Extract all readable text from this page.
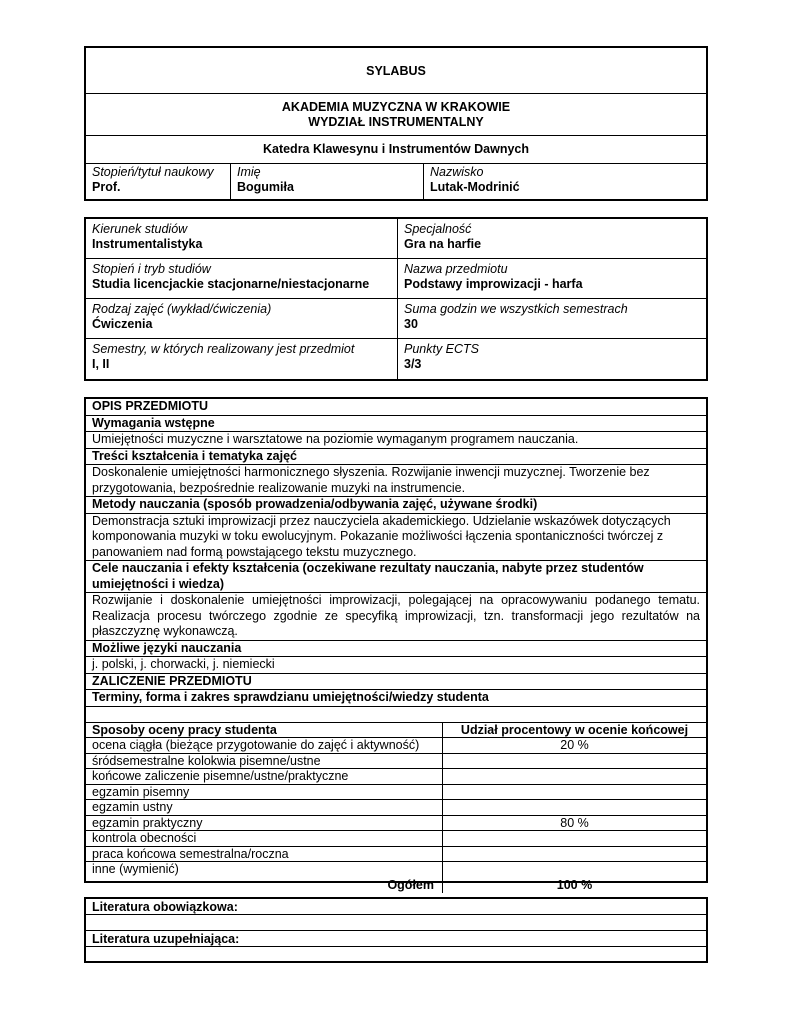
SYLABUS
AKADEMIA MUZYCZNA W KRAKOWIE
WYDZIAŁ INSTRUMENTALNY
Katedra Klawesynu i Instrumentów Dawnych
Stopień/tytuł naukowy
Prof.
Imię
Bogumiła
Nazwisko
Lutak-Modrinić
Kierunek studiów
Instrumentalistyka
Specjalność
Gra na harfie
Stopień i tryb studiów
Studia licencjackie stacjonarne/niestacjonarne
Nazwa przedmiotu
Podstawy improwizacji - harfa
Rodzaj zajęć (wykład/ćwiczenia)
Ćwiczenia
Suma godzin we wszystkich semestrach
30
Semestry, w których realizowany jest przedmiot
I, II
Punkty ECTS
3/3
OPIS PRZEDMIOTU
Wymagania wstępne
Umiejętności muzyczne i warsztatowe na poziomie wymaganym programem nauczania.
Treści kształcenia i tematyka zajęć
Doskonalenie umiejętności harmonicznego słyszenia. Rozwijanie inwencji muzycznej. Tworzenie bez przygotowania, bezpośrednie realizowanie muzyki na instrumencie.
Metody nauczania (sposób prowadzenia/odbywania zajęć, używane środki)
Demonstracja sztuki improwizacji przez nauczyciela akademickiego. Udzielanie wskazówek dotyczących komponowania muzyki w toku ewolucyjnym. Pokazanie możliwości łączenia spontaniczności twórczej z panowaniem nad formą powstającego tekstu muzycznego.
Cele nauczania i efekty kształcenia (oczekiwane rezultaty nauczania, nabyte przez studentów umiejętności i wiedza)
Rozwijanie i doskonalenie umiejętności improwizacji, polegającej na opracowywaniu podanego tematu. Realizacja procesu twórczego zgodnie ze specyfiką improwizacji, tzn. transformacji jego rezultatów na płaszczyznę wykonawczą.
Możliwe języki nauczania
j. polski, j. chorwacki, j. niemiecki
ZALICZENIE PRZEDMIOTU
Terminy, forma i zakres sprawdzianu umiejętności/wiedzy studenta
Sposoby oceny pracy studenta	Udział procentowy w ocenie końcowej
ocena ciągła (bieżące przygotowanie do zajęć i aktywność)	20 %
śródsemestralne kolokwia pisemne/ustne
końcowe zaliczenie pisemne/ustne/praktyczne
egzamin pisemny
egzamin ustny
egzamin praktyczny	80 %
kontrola obecności
praca końcowa semestralna/roczna
inne (wymienić)
Ogółem	100 %
Literatura obowiązkowa:
Literatura uzupełniająca:
